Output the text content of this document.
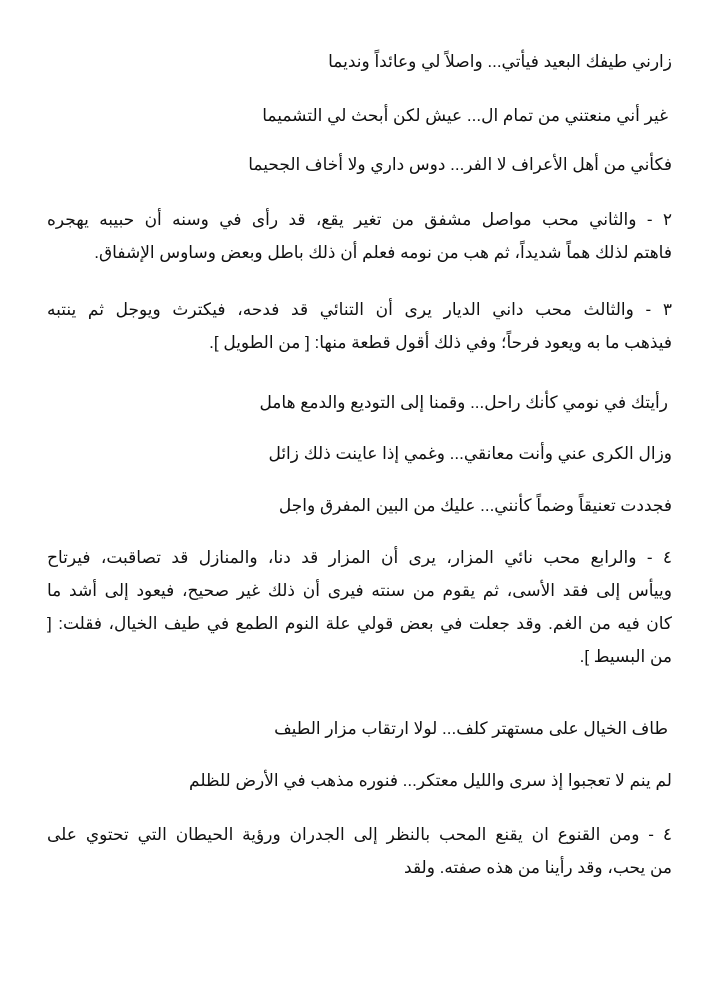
زارني طيفك البعيد فيأتي... واصلاً لي وعائداً ونديما

غير أني منعتني من تمام ال... عيش لكن أبحث لي التشميما

فكأني من أهل الأعراف لا الفر... دوس داري ولا أخاف الجحيما

٢ - والثاني محب مواصل مشفق من تغير يقع، قد رأى في وسنه أن حبيبه يهجره
فاهتم لذلك هماً شديداً، ثم هب من نومه فعلم أن ذلك باطل وبعض وساوس الإشفاق.
٣ - والثالث محب داني الديار يرى أن التنائي قد فدحه، فيكترث ويوجل ثم ينتبه
فيذهب ما به ويعود فرحاً؛ وفي ذلك أقول قطعة منها: [ من الطويل ].

رأيتك في نومي كأنك راحل... وقمنا إلى التوديع والدمع هامل

وزال الكرى عني وأنت معانقي... وغمي إذا عاينت ذلك زائل

فجددت تعنيقاً وضماً كأنني... عليك من البين المفرق واجل

٤ - والرابع محب نائي المزار، يرى أن المزار قد دنا، والمنازل قد تصاقبت، فيرتاح
وييأس إلى فقد الأسى، ثم يقوم من سنته فيرى أن ذلك غير صحيح، فيعود إلى أشد ما
كان فيه من الغم. وقد جعلت في بعض قولي علة النوم الطمع في طيف الخيال، فقلت: [
من البسيط ].

طاف الخيال على مستهتر كلف... لولا ارتقاب مزار الطيف

لم ينم لا تعجبوا إذ سرى والليل معتكر... فنوره مذهب في الأرض للظلم

٤ - ومن القنوع ان يقنع المحب بالنظر إلى الجدران ورؤية الحيطان التي تحتوي على
من يحب، وقد رأينا من هذه صفته. ولقد
